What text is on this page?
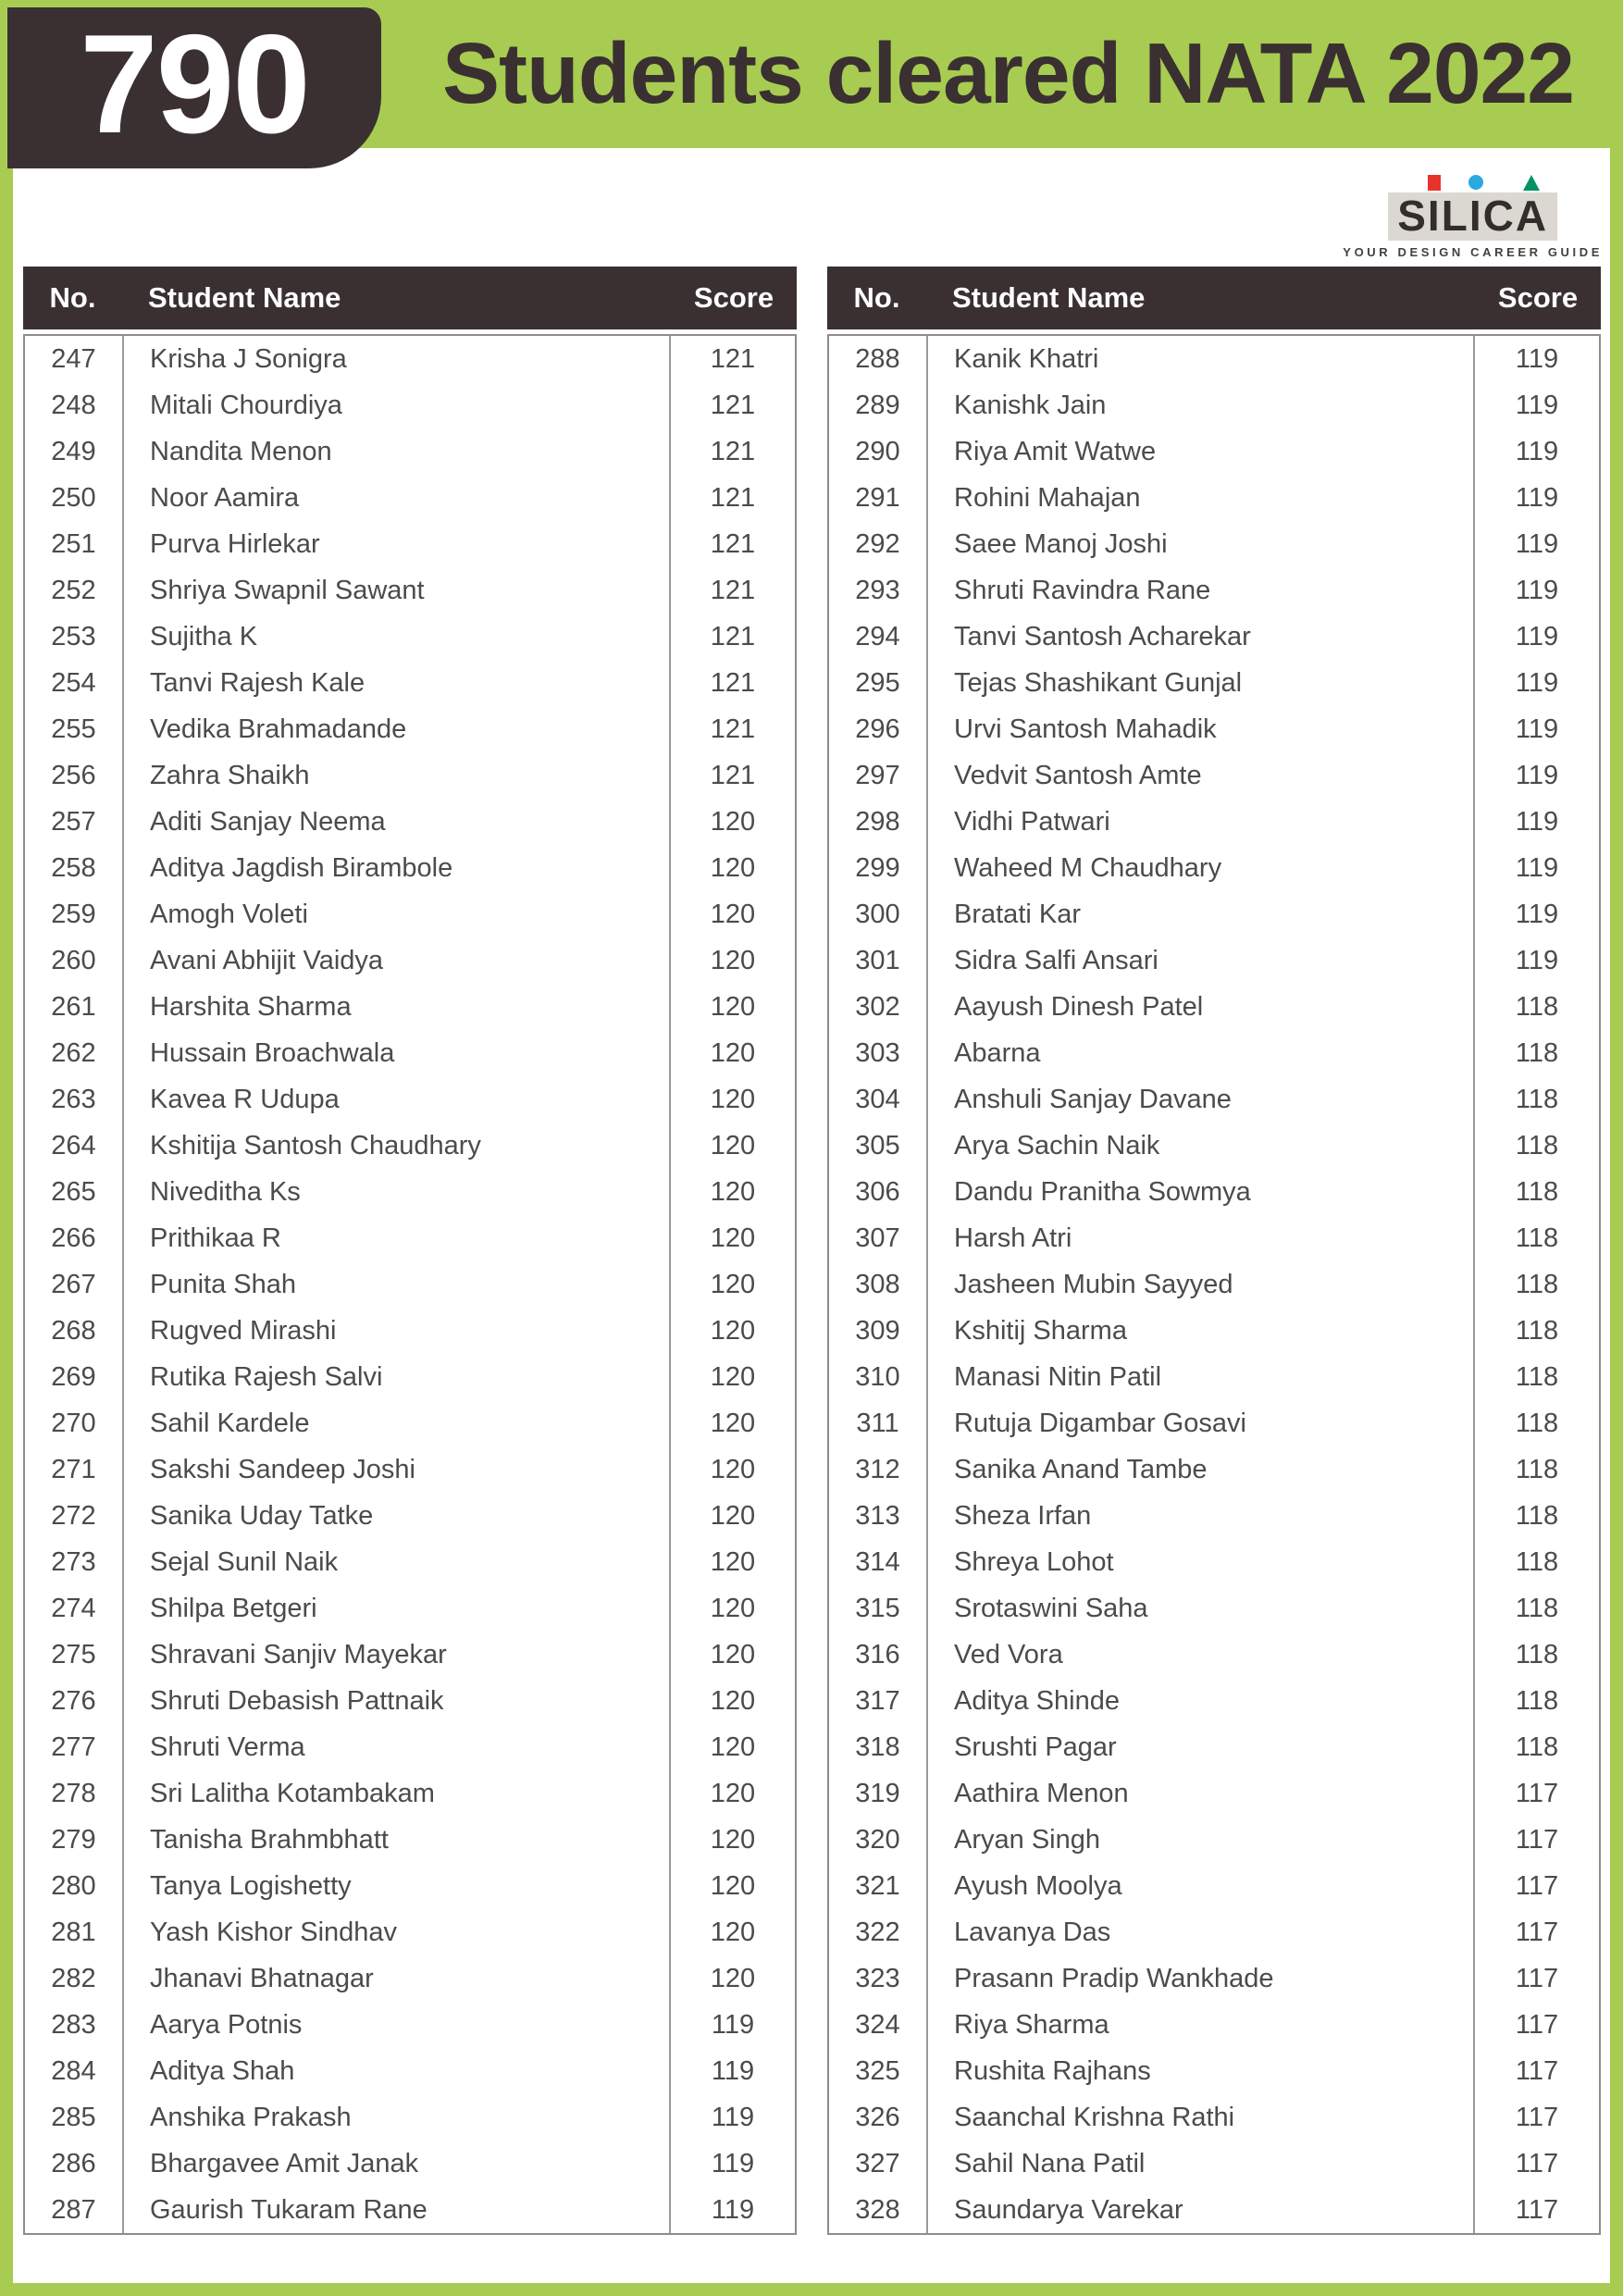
790 Students cleared NATA 2022
S I L I C A
YOUR DESIGN CAREER GUIDE
No.	Student Name	Score
247	Krisha J Sonigra	121
248	Mitali Chourdiya	121
249	Nandita Menon	121
250	Noor Aamira	121
251	Purva Hirlekar	121
252	Shriya Swapnil Sawant	121
253	Sujitha K	121
254	Tanvi Rajesh Kale	121
255	Vedika Brahmadande	121
256	Zahra Shaikh	121
257	Aditi Sanjay Neema	120
258	Aditya Jagdish Birambole	120
259	Amogh Voleti	120
260	Avani Abhijit Vaidya	120
261	Harshita Sharma	120
262	Hussain Broachwala	120
263	Kavea R Udupa	120
264	Kshitija Santosh Chaudhary	120
265	Niveditha Ks	120
266	Prithikaa R	120
267	Punita Shah	120
268	Rugved Mirashi	120
269	Rutika Rajesh Salvi	120
270	Sahil Kardele	120
271	Sakshi Sandeep Joshi	120
272	Sanika Uday Tatke	120
273	Sejal Sunil Naik	120
274	Shilpa Betgeri	120
275	Shravani Sanjiv Mayekar	120
276	Shruti Debasish Pattnaik	120
277	Shruti Verma	120
278	Sri Lalitha Kotambakam	120
279	Tanisha Brahmbhatt	120
280	Tanya Logishetty	120
281	Yash Kishor Sindhav	120
282	Jhanavi Bhatnagar	120
283	Aarya Potnis	119
284	Aditya Shah	119
285	Anshika Prakash	119
286	Bhargavee Amit Janak	119
287	Gaurish Tukaram Rane	119
No.	Student Name	Score
288	Kanik Khatri	119
289	Kanishk Jain	119
290	Riya Amit Watwe	119
291	Rohini Mahajan	119
292	Saee Manoj Joshi	119
293	Shruti Ravindra Rane	119
294	Tanvi Santosh Acharekar	119
295	Tejas Shashikant Gunjal	119
296	Urvi Santosh Mahadik	119
297	Vedvit Santosh Amte	119
298	Vidhi Patwari	119
299	Waheed M Chaudhary	119
300	Bratati Kar	119
301	Sidra Salfi Ansari	119
302	Aayush Dinesh Patel	118
303	Abarna	118
304	Anshuli Sanjay Davane	118
305	Arya Sachin Naik	118
306	Dandu Pranitha Sowmya	118
307	Harsh Atri	118
308	Jasheen Mubin Sayyed	118
309	Kshitij Sharma	118
310	Manasi Nitin Patil	118
311	Rutuja Digambar Gosavi	118
312	Sanika Anand Tambe	118
313	Sheza Irfan	118
314	Shreya Lohot	118
315	Srotaswini Saha	118
316	Ved Vora	118
317	Aditya Shinde	118
318	Srushti Pagar	118
319	Aathira Menon	117
320	Aryan Singh	117
321	Ayush Moolya	117
322	Lavanya Das	117
323	Prasann Pradip Wankhade	117
324	Riya Sharma	117
325	Rushita Rajhans	117
326	Saanchal Krishna Rathi	117
327	Sahil Nana Patil	117
328	Saundarya Varekar	117
